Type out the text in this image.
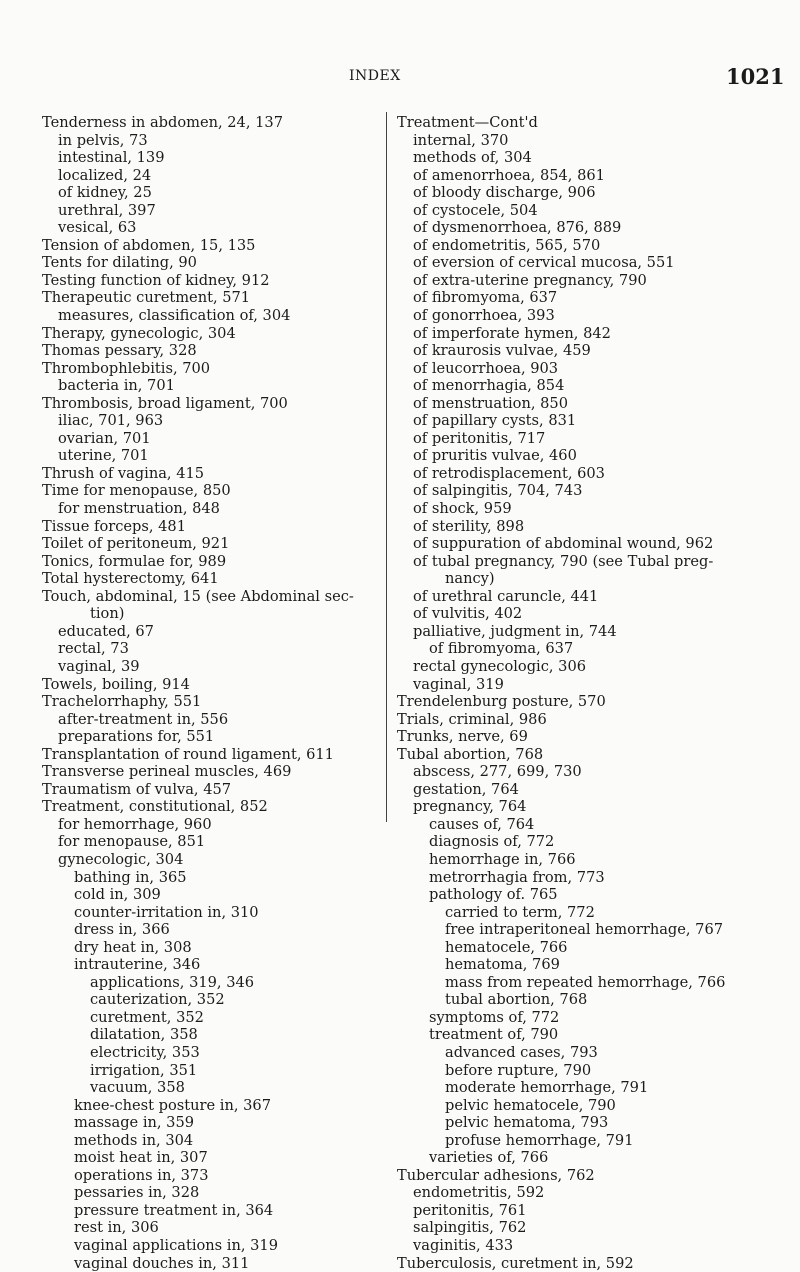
INDEX	1021
Tenderness in abdomen, 24, 137
in pelvis, 73
intestinal, 139
localized, 24
of kidney, 25
urethral, 397
vesical, 63
Tension of abdomen, 15, 135
Tents for dilating, 90
Testing function of kidney, 912
Therapeutic curetment, 571
measures, classification of, 304
Therapy, gynecologic, 304
Thomas pessary, 328
Thrombophlebitis, 700
bacteria in, 701
Thrombosis, broad ligament, 700
iliac, 701, 963
ovarian, 701
uterine, 701
Thrush of vagina, 415
Time for menopause, 850
for menstruation, 848
Tissue forceps, 481
Toilet of peritoneum, 921
Tonics, formulae for, 989
Total hysterectomy, 641
Touch, abdominal, 15 (see Abdominal sec-
tion)
educated, 67
rectal, 73
vaginal, 39
Towels, boiling, 914
Trachelorrhaphy, 551
after-treatment in, 556
preparations for, 551
Transplantation of round ligament, 611
Transverse perineal muscles, 469
Traumatism of vulva, 457
Treatment, constitutional, 852
for hemorrhage, 960
for menopause, 851
gynecologic, 304
bathing in, 365
cold in, 309
counter-irritation in, 310
dress in, 366
dry heat in, 308
intrauterine, 346
applications, 319, 346
cauterization, 352
curetment, 352
dilatation, 358
electricity, 353
irrigation, 351
vacuum, 358
knee-chest posture in, 367
massage in, 359
methods in, 304
moist heat in, 307
operations in, 373
pessaries in, 328
pressure treatment in, 364
rest in, 306
vaginal applications in, 319
vaginal douches in, 311
Treatment—Cont'd
internal, 370
methods of, 304
of amenorrhoea, 854, 861
of bloody discharge, 906
of cystocele, 504
of dysmenorrhoea, 876, 889
of endometritis, 565, 570
of eversion of cervical mucosa, 551
of extra-uterine pregnancy, 790
of fibromyoma, 637
of gonorrhoea, 393
of imperforate hymen, 842
of kraurosis vulvae, 459
of leucorrhoea, 903
of menorrhagia, 854
of menstruation, 850
of papillary cysts, 831
of peritonitis, 717
of pruritis vulvae, 460
of retrodisplacement, 603
of salpingitis, 704, 743
of shock, 959
of sterility, 898
of suppuration of abdominal wound, 962
of tubal pregnancy, 790 (see Tubal preg-
nancy)
of urethral caruncle, 441
of vulvitis, 402
palliative, judgment in, 744
of fibromyoma, 637
rectal gynecologic, 306
vaginal, 319
Trendelenburg posture, 570
Trials, criminal, 986
Trunks, nerve, 69
Tubal abortion, 768
abscess, 277, 699, 730
gestation, 764
pregnancy, 764
causes of, 764
diagnosis of, 772
hemorrhage in, 766
metrorrhagia from, 773
pathology of. 765
carried to term, 772
free intraperitoneal hemorrhage, 767
hematocele, 766
hematoma, 769
mass from repeated hemorrhage, 766
tubal abortion, 768
symptoms of, 772
treatment of, 790
advanced cases, 793
before rupture, 790
moderate hemorrhage, 791
pelvic hematocele, 790
pelvic hematoma, 793
profuse hemorrhage, 791
varieties of, 766
Tubercular adhesions, 762
endometritis, 592
peritonitis, 761
salpingitis, 762
vaginitis, 433
Tuberculosis, curetment in, 592
